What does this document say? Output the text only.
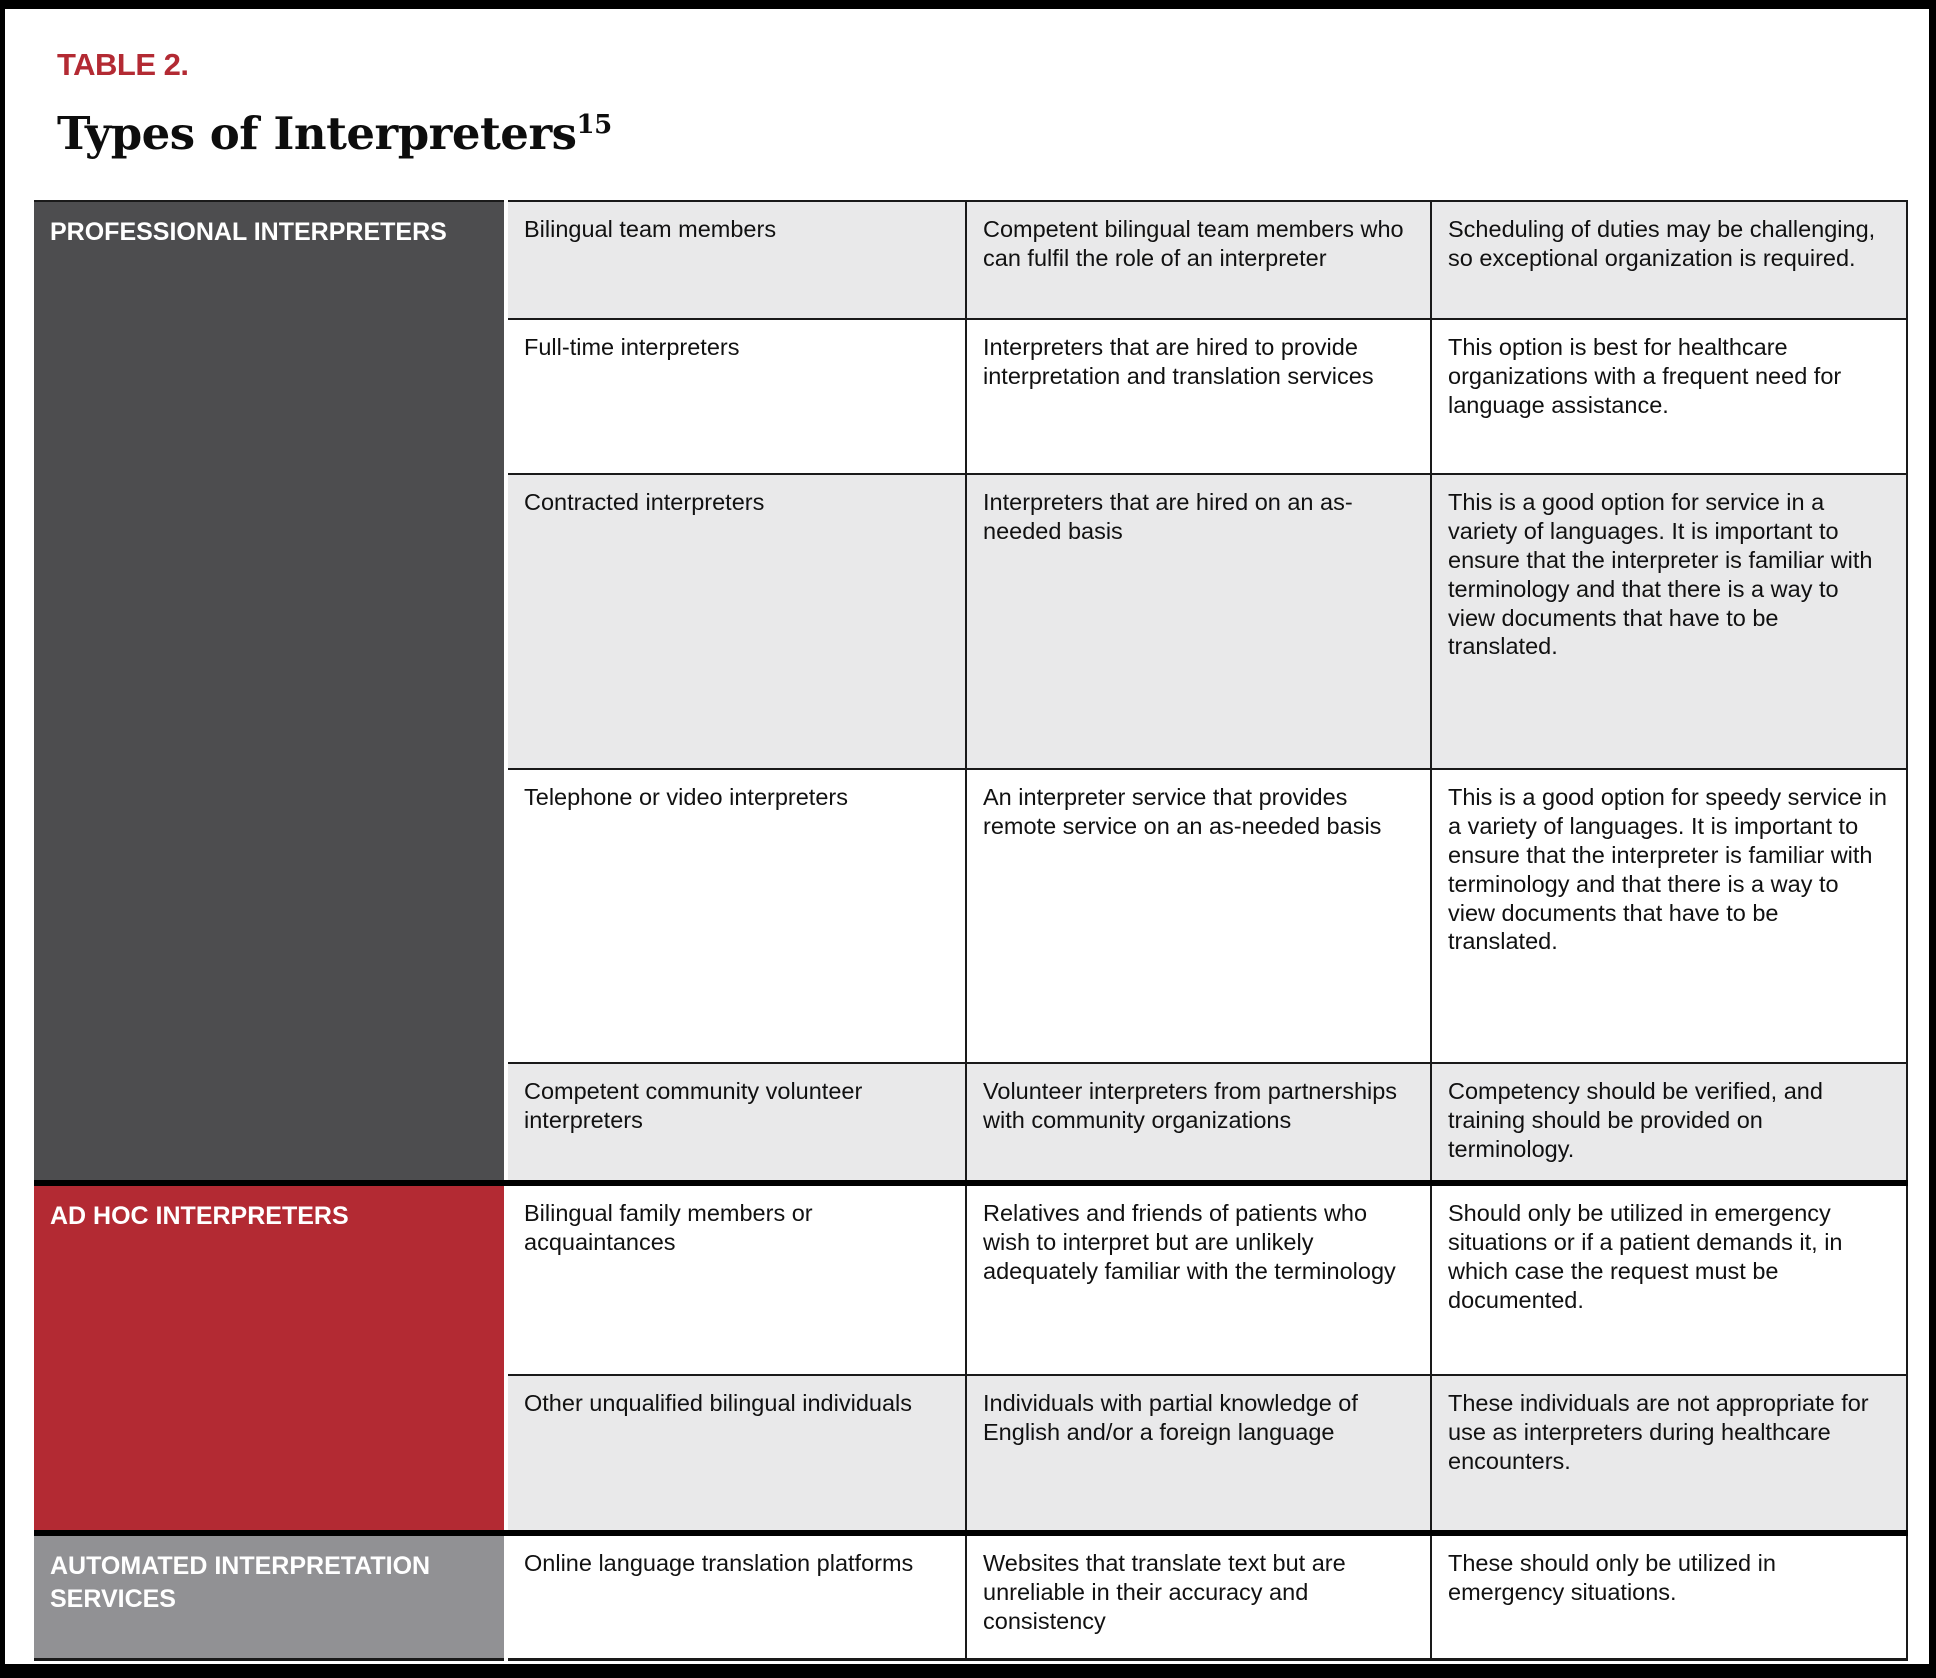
TABLE 2.
Types of Interpreters$^{15}$
PROFESSIONAL INTERPRETERS	Bilingual team members	Competent bilingual team members who can fulfil the role of an interpreter	Scheduling of duties may be challenging, so exceptional organization is required.
	Full-time interpreters	Interpreters that are hired to provide interpretation and translation services	This option is best for healthcare organizations with a frequent need for language assistance.
	Contracted interpreters	Interpreters that are hired on an as-needed basis	This is a good option for service in a variety of languages. It is important to ensure that the interpreter is familiar with terminology and that there is a way to view documents that have to be translated.
	Telephone or video interpreters	An interpreter service that provides remote service on an as-needed basis	This is a good option for speedy service in a variety of languages. It is important to ensure that the interpreter is familiar with terminology and that there is a way to view documents that have to be translated.
	Competent community volunteer interpreters	Volunteer interpreters from partnerships with community organizations	Competency should be verified, and training should be provided on terminology.
AD HOC INTERPRETERS	Bilingual family members or acquaintances	Relatives and friends of patients who wish to interpret but are unlikely adequately familiar with the terminology	Should only be utilized in emergency situations or if a patient demands it, in which case the request must be documented.
	Other unqualified bilingual individuals	Individuals with partial knowledge of English and/or a foreign language	These individuals are not appropriate for use as interpreters during healthcare encounters.
AUTOMATED INTERPRETATION SERVICES	Online language translation platforms	Websites that translate text but are unreliable in their accuracy and consistency	These should only be utilized in emergency situations.
